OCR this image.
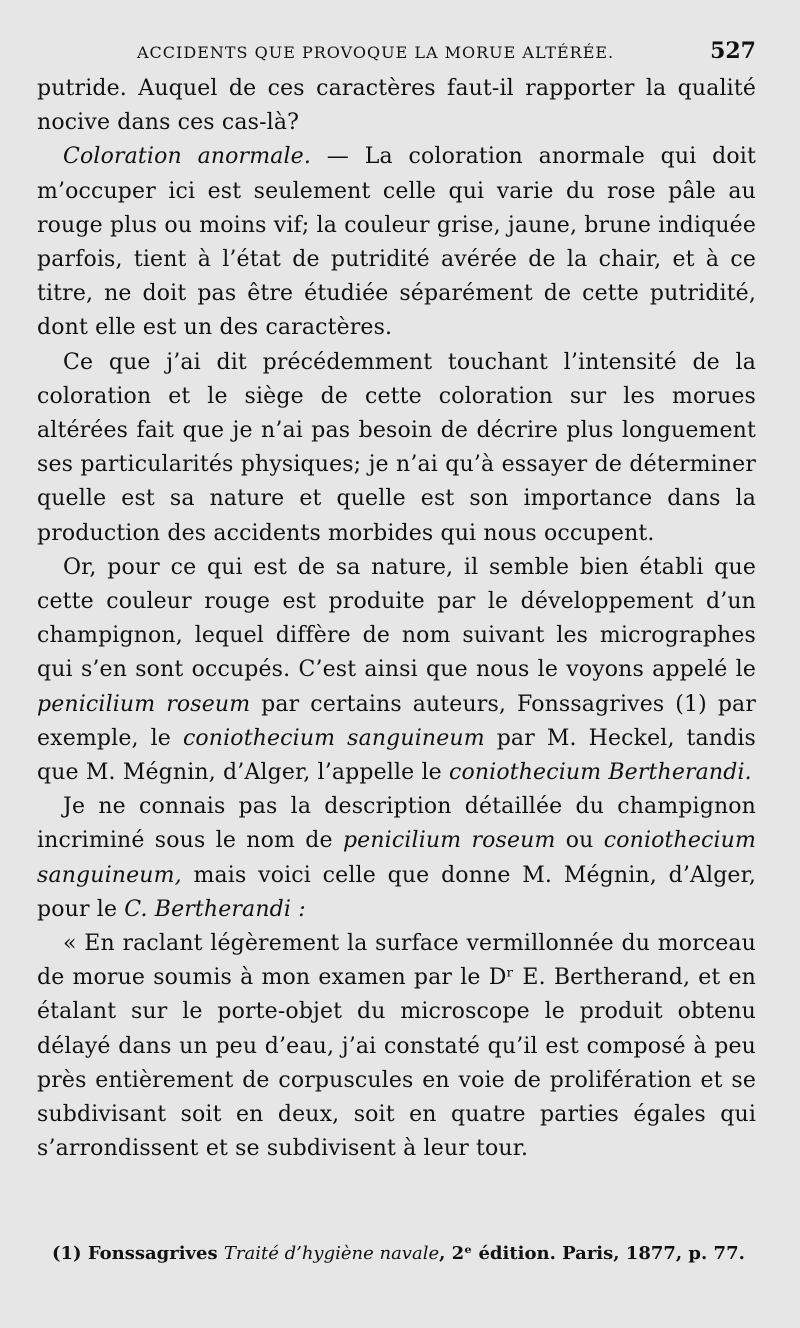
ACCIDENTS QUE PROVOQUE LA MORUE ALTÉRÉE.	527

putride. Auquel de ces caractères faut-il rapporter la qualité nocive dans ces cas-là?

Coloration anormale. — La coloration anormale qui doit m’occuper ici est seulement celle qui varie du rose pâle au rouge plus ou moins vif; la couleur grise, jaune, brune indiquée parfois, tient à l’état de putridité avérée de la chair, et à ce titre, ne doit pas être étudiée séparément de cette putridité, dont elle est un des caractères.

Ce que j’ai dit précédemment touchant l’intensité de la coloration et le siège de cette coloration sur les morues altérées fait que je n’ai pas besoin de décrire plus longuement ses particularités physiques; je n’ai qu’à essayer de déterminer quelle est sa nature et quelle est son importance dans la production des accidents morbides qui nous occupent.

Or, pour ce qui est de sa nature, il semble bien établi que cette couleur rouge est produite par le développement d’un champignon, lequel diffère de nom suivant les micrographes qui s’en sont occupés. C’est ainsi que nous le voyons appelé le penicilium roseum par certains auteurs, Fonssagrives (1) par exemple, le coniothecium sanguineum par M. Heckel, tandis que M. Mégnin, d’Alger, l’appelle le coniothecium Bertherandi.

Je ne connais pas la description détaillée du champignon incriminé sous le nom de penicilium roseum ou coniothecium sanguineum, mais voici celle que donne M. Mégnin, d’Alger, pour le C. Bertherandi :

« En raclant légèrement la surface vermillonnée du morceau de morue soumis à mon examen par le Dʳ E. Bertherand, et en étalant sur le porte-objet du microscope le produit obtenu délayé dans un peu d’eau, j’ai constaté qu’il est composé à peu près entièrement de corpuscules en voie de prolifération et se subdivisant soit en deux, soit en quatre parties égales qui s’arrondissent et se subdivisent à leur tour.

(1) Fonssagrives Traité d’hygiène navale, 2ᵉ édition. Paris, 1877, p. 77.
